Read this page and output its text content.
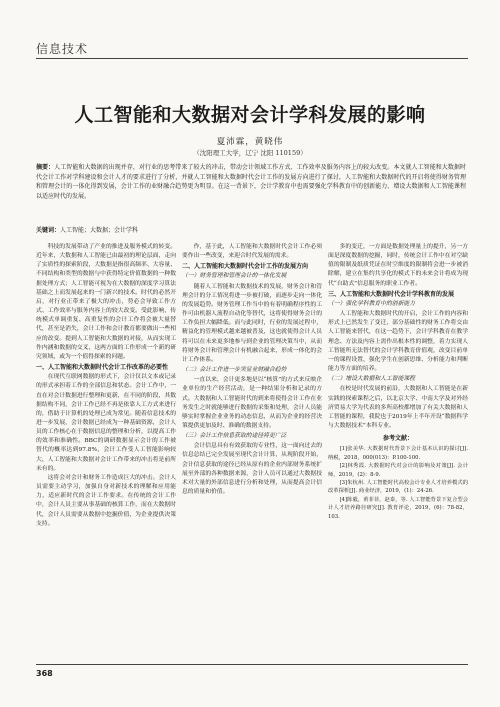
信息技术
人工智能和大数据对会计学科发展的影响
夏沛霖，黄晓伟
（沈阳理工大学，辽宁 沈阳 110159）
摘要：人工智能和大数据的出现并存，对行业的思考带来了较大的冲击，带动会计领域工作方式、工作效率及服务内容上的较大改变。本文就人工智能和大数据时代会计工作对学科建设和会计人才的要求进行了分析，并就人工智能和大数据时代会计工作的发展方向进行了探讨，人工智能和大数据时代的开启将使得财务管理和管理会计的一体化得到发展，会计工作的业财融合趋势更为明显。在这一背景下，会计学教育中也需要强化学科教育中的创新能力、增设大数据和人工智能课程以适应时代的发展。
关键词：人工智能；大数据；会计学科

科技的发展带动了产业的推进及服务模式的转变。近年来，大数据和人工智能已由最初的理论层面，走向了实质性的探索阶段，大数据是指很高频率、大容量、不同结构和类型的数据与中获得特定价值数据的一种数据处理方式；人工智能可视为在大数据的深度学习算法基础之上而发展起来的一门新兴的技术。时代的必然开启，对行业正带来了极大的冲击，势必会导致工作方式、工作效率与服务内容上的较大改变。受此影响，传统模式单调重复、高重复性的会计工作将会被大量替代，甚至是消失，会计工作和会计教育都要做出一些相应的改变。提到人工智能和大数据的对接，从而实现工作内涵和数据的交叉，这两方面的工作形成一个新的研究领域，或为一个值得探索的问题。

一、人工智能和大数据时代会计工作改革的必要性

在现代互联网数据的形式下，会计仅以文本或记录的形式承担着工作的全部信息和状态。会计工作中，一直在对会计数据进行整理和更新，在不同的阶段，其数据结构不同，会计工作已经不再是依靠人工方式来进行的，借助于计算机的处理已成为常见。随着信息技术的进一步发展，会计数据已经成为一种基础资源，会计人员的工作核心在于数据信息的整理和分析，以提高工作的效率和准确性。BBC的调研数据显示会计的工作被替代的概率达到97.8%，会计工作受人工智能影响较大，人工智能和大数据对会计工作带来的冲击将是前所未有的。

这将会对会计和财务工作造成巨大的冲击。会计人员需要主动学习，加强自身对新技术的理解和应用能力，适应新时代的会计工作要求。在传统的会计工作中，会计人员主要从事基础的核算工作，而在大数据时代，会计人员需要从数据中挖掘价值，为企业提供决策支持。

作，基于此，人工智能和大数据时代会计工作必须要作出一些改变，来迎合时代发展的需求。

二、人工智能和大数据时代会计工作的发展方向
（一）财务管理和管理会计的一体化发展

随着人工智能和大数据技术的发展，财务会计和管理会计的分工情况将进一步被打破，而逐步走向一体化的发展趋势。财务管理工作当中的有着明确程序性的工作可由机器人流程自动化等替代，这将使得财务会计的工作负担大幅降低。而与此同时，行业的发展过程中，精益化的管理模式越来越被普及，这也就使得会计人员将可以在未来更多地参与到企业的管理决策当中，从而将财务会计和管理会计有机融合起来，形成一体化的会计工作体系。

（二）会计工作进一步突显业财融合趋势

一直以来，会计更多地是以“核算”的方式来反映企业单位的生产经营活动，是一种结果分析和记录的方式。大数据和人工智能时代的到来将使得会计工作在业务发生之时就能够进行数据的采集和处理，会计人员能够实时掌握企业业务的动态信息，从而为企业的经营决策提供更加及时、准确的数据支持。

（三）会计工作信息获取的途径将更广泛

会计信息具有有效获取的专业性，这一面向过去的信息总结已完全发展至现代会计计算，从现阶段开始，会计信息获取的途径已经从原有的企业内部财务系统扩展至外部的各种数据来源，会计人员可以通过大数据技术对大量的外部信息进行分析和处理，从而提高会计信息的质量和价值。

多的变迁，一方面是数据处理量上的提升，另一方面是深度数据的挖掘，同时，传统会计工作中在对空缺值的限制及纸质凭证在时空维度的限制将会进一步被消除解，建立在集约共享化的模式下的未来会计将成为现代“自助式”信息服务的职业工作者。

三、人工智能和大数据时代会计学科教育的发展
（一）强化学科教育中的创新能力

人工智能和大数据时代的开启，会计工作的内容和形式上已然发生了变迁，部分基础性的财务工作将交由人工智能来替代，在这一趋势下，会计学科教育在教学理念、方法及内容上需作出根本性的调整，着力实现人工智能所无法替代的会计学科教育价值观，改变目前单一的课程设置，强化学生在创新思维、分析能力和判断能力等方面的培养。

（二）增设大数据和人工智能课程

在校是时代发展的前沿，大数据和人工智能是在新实践的探索课程之后，以北京大学、中南大学及对外经济贸易大学为代表的多所高校都增加了有关大数据和人工智能的课程，我院也于2019年上半年开设“数据科学与大数据技术”本科专业。

参考文献：

[1]张美华. 大数据时代背景下会计基本认识的探讨[J]. 纳税，2018，000(013)：P.100-100.

[2]林秀霞. 大数据时代对会计的影响及对策[J]. 会计师，2019，(2)：8-9.

[3]朱杭州. 人工智能时代高校会计专业人才培养模式的改革探析[J]. 商业经济，2019，(1)：24-26.

[4]陈毅，黄菲菲，赵泰，等. 人工智能背景下复合型会计人才培养路径研究[J]. 教育评论，2019，(6)：78-82，103.

368
